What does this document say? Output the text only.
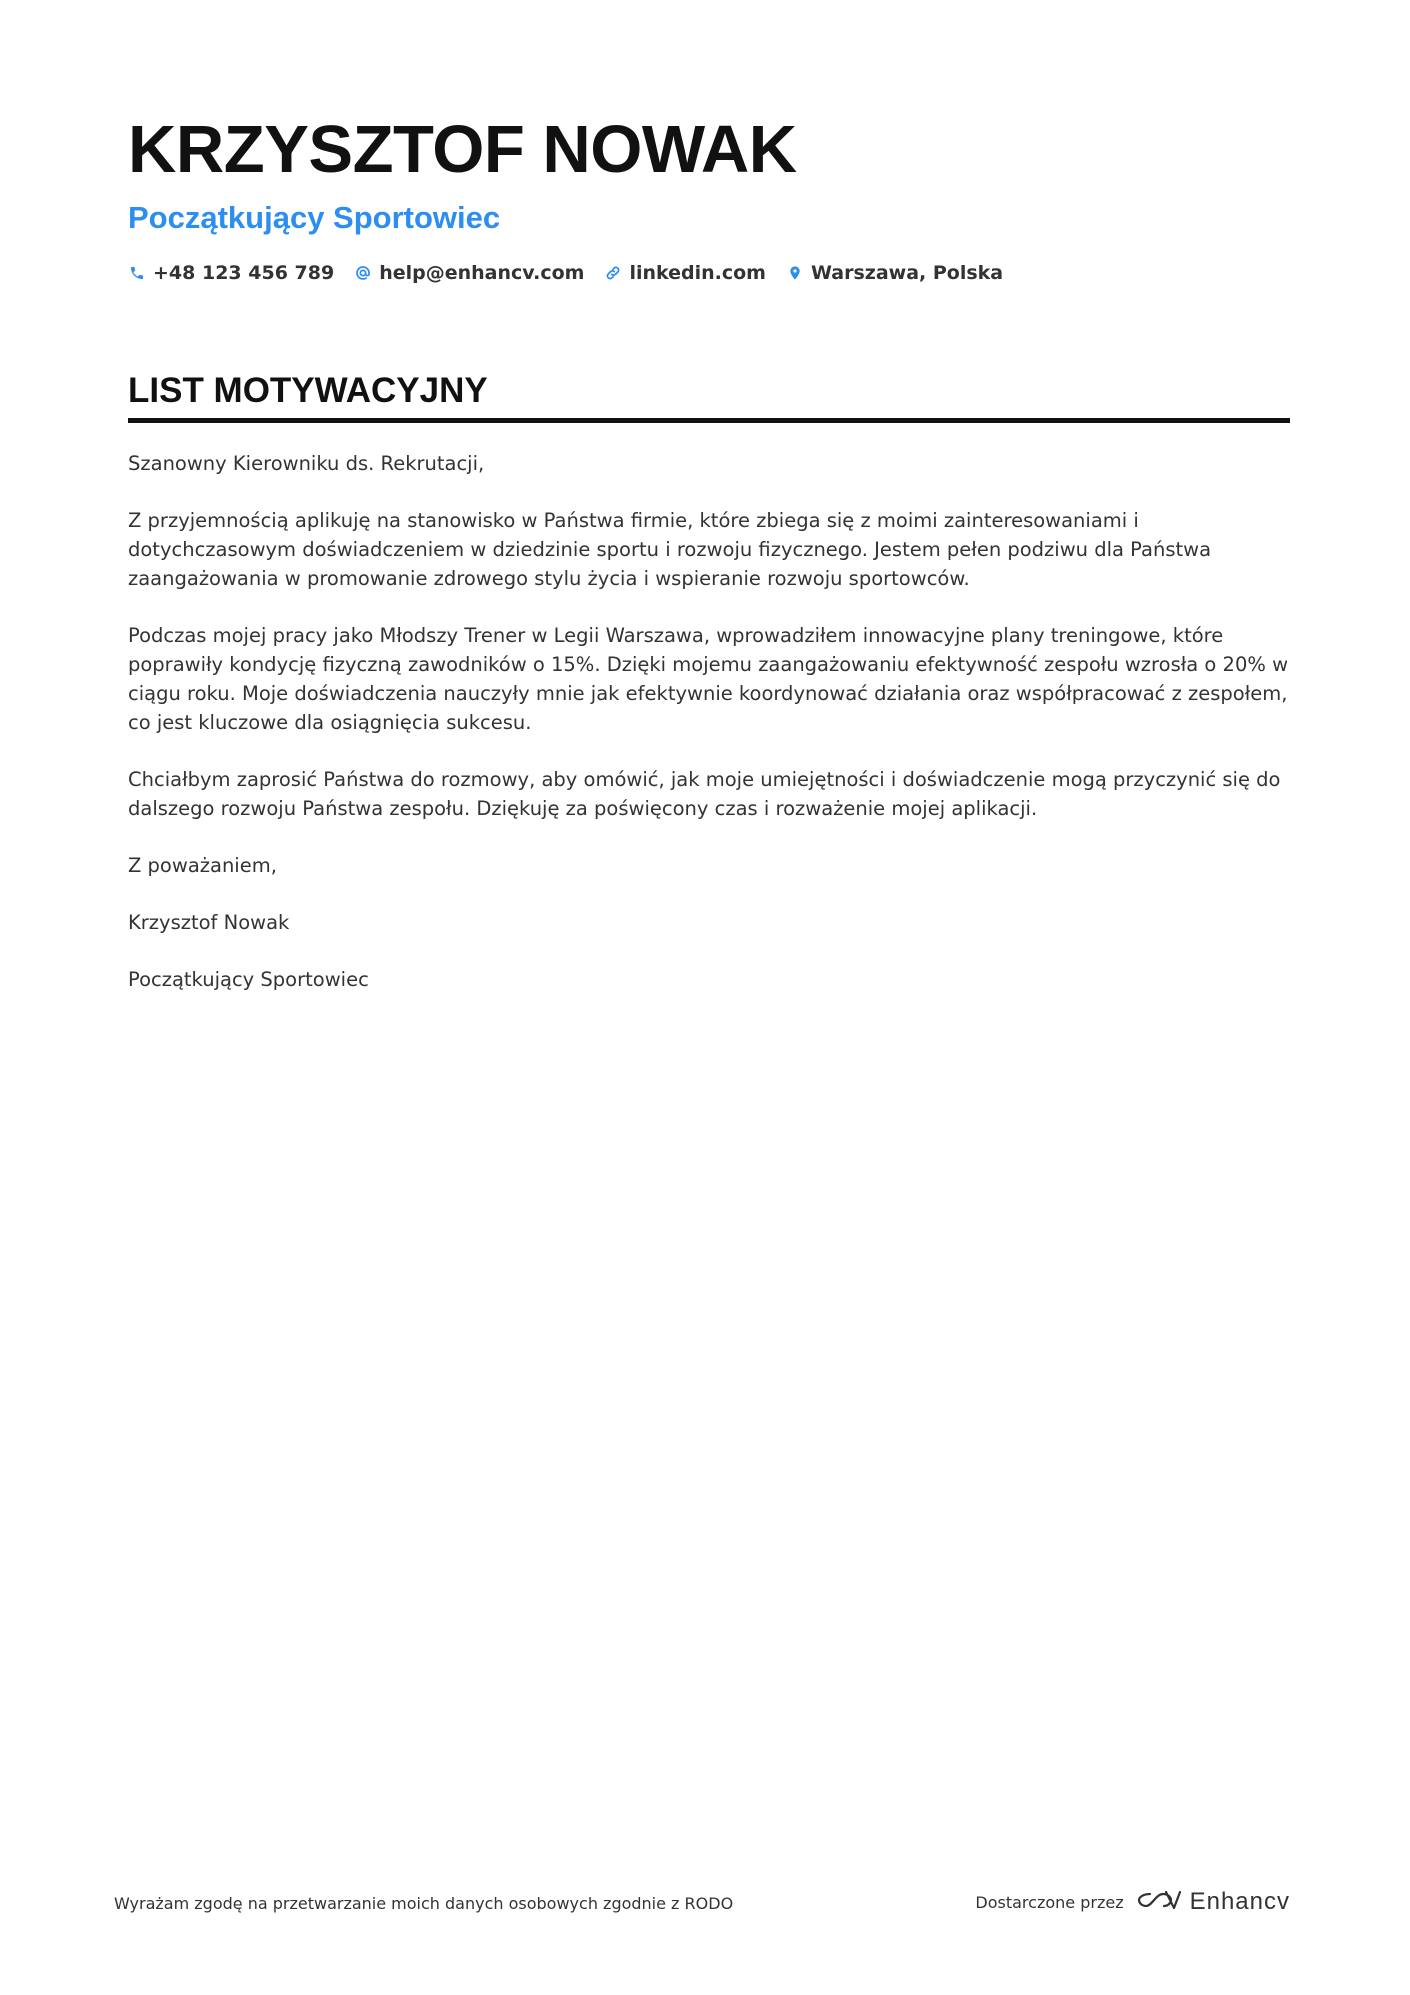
KRZYSZTOF NOWAK
Początkujący Sportowiec
+48 123 456 789 help@enhancv.com linkedin.com Warszawa, Polska
LIST MOTYWACYJNY

Szanowny Kierowniku ds. Rekrutacji,

Z przyjemnością aplikuję na stanowisko w Państwa firmie, które zbiega się z moimi zainteresowaniami i dotychczasowym doświadczeniem w dziedzinie sportu i rozwoju fizycznego. Jestem pełen podziwu dla Państwa zaangażowania w promowanie zdrowego stylu życia i wspieranie rozwoju sportowców.

Podczas mojej pracy jako Młodszy Trener w Legii Warszawa, wprowadziłem innowacyjne plany treningowe, które poprawiły kondycję fizyczną zawodników o 15%. Dzięki mojemu zaangażowaniu efektywność zespołu wzrosła o 20% w ciągu roku. Moje doświadczenia nauczyły mnie jak efektywnie koordynować działania oraz współpracować z zespołem, co jest kluczowe dla osiągnięcia sukcesu.

Chciałbym zaprosić Państwa do rozmowy, aby omówić, jak moje umiejętności i doświadczenie mogą przyczynić się do dalszego rozwoju Państwa zespołu. Dziękuję za poświęcony czas i rozważenie mojej aplikacji.

Z poważaniem,

Krzysztof Nowak

Początkujący Sportowiec

Wyrażam zgodę na przetwarzanie moich danych osobowych zgodnie z RODO	Dostarczone przez	Enhancv
